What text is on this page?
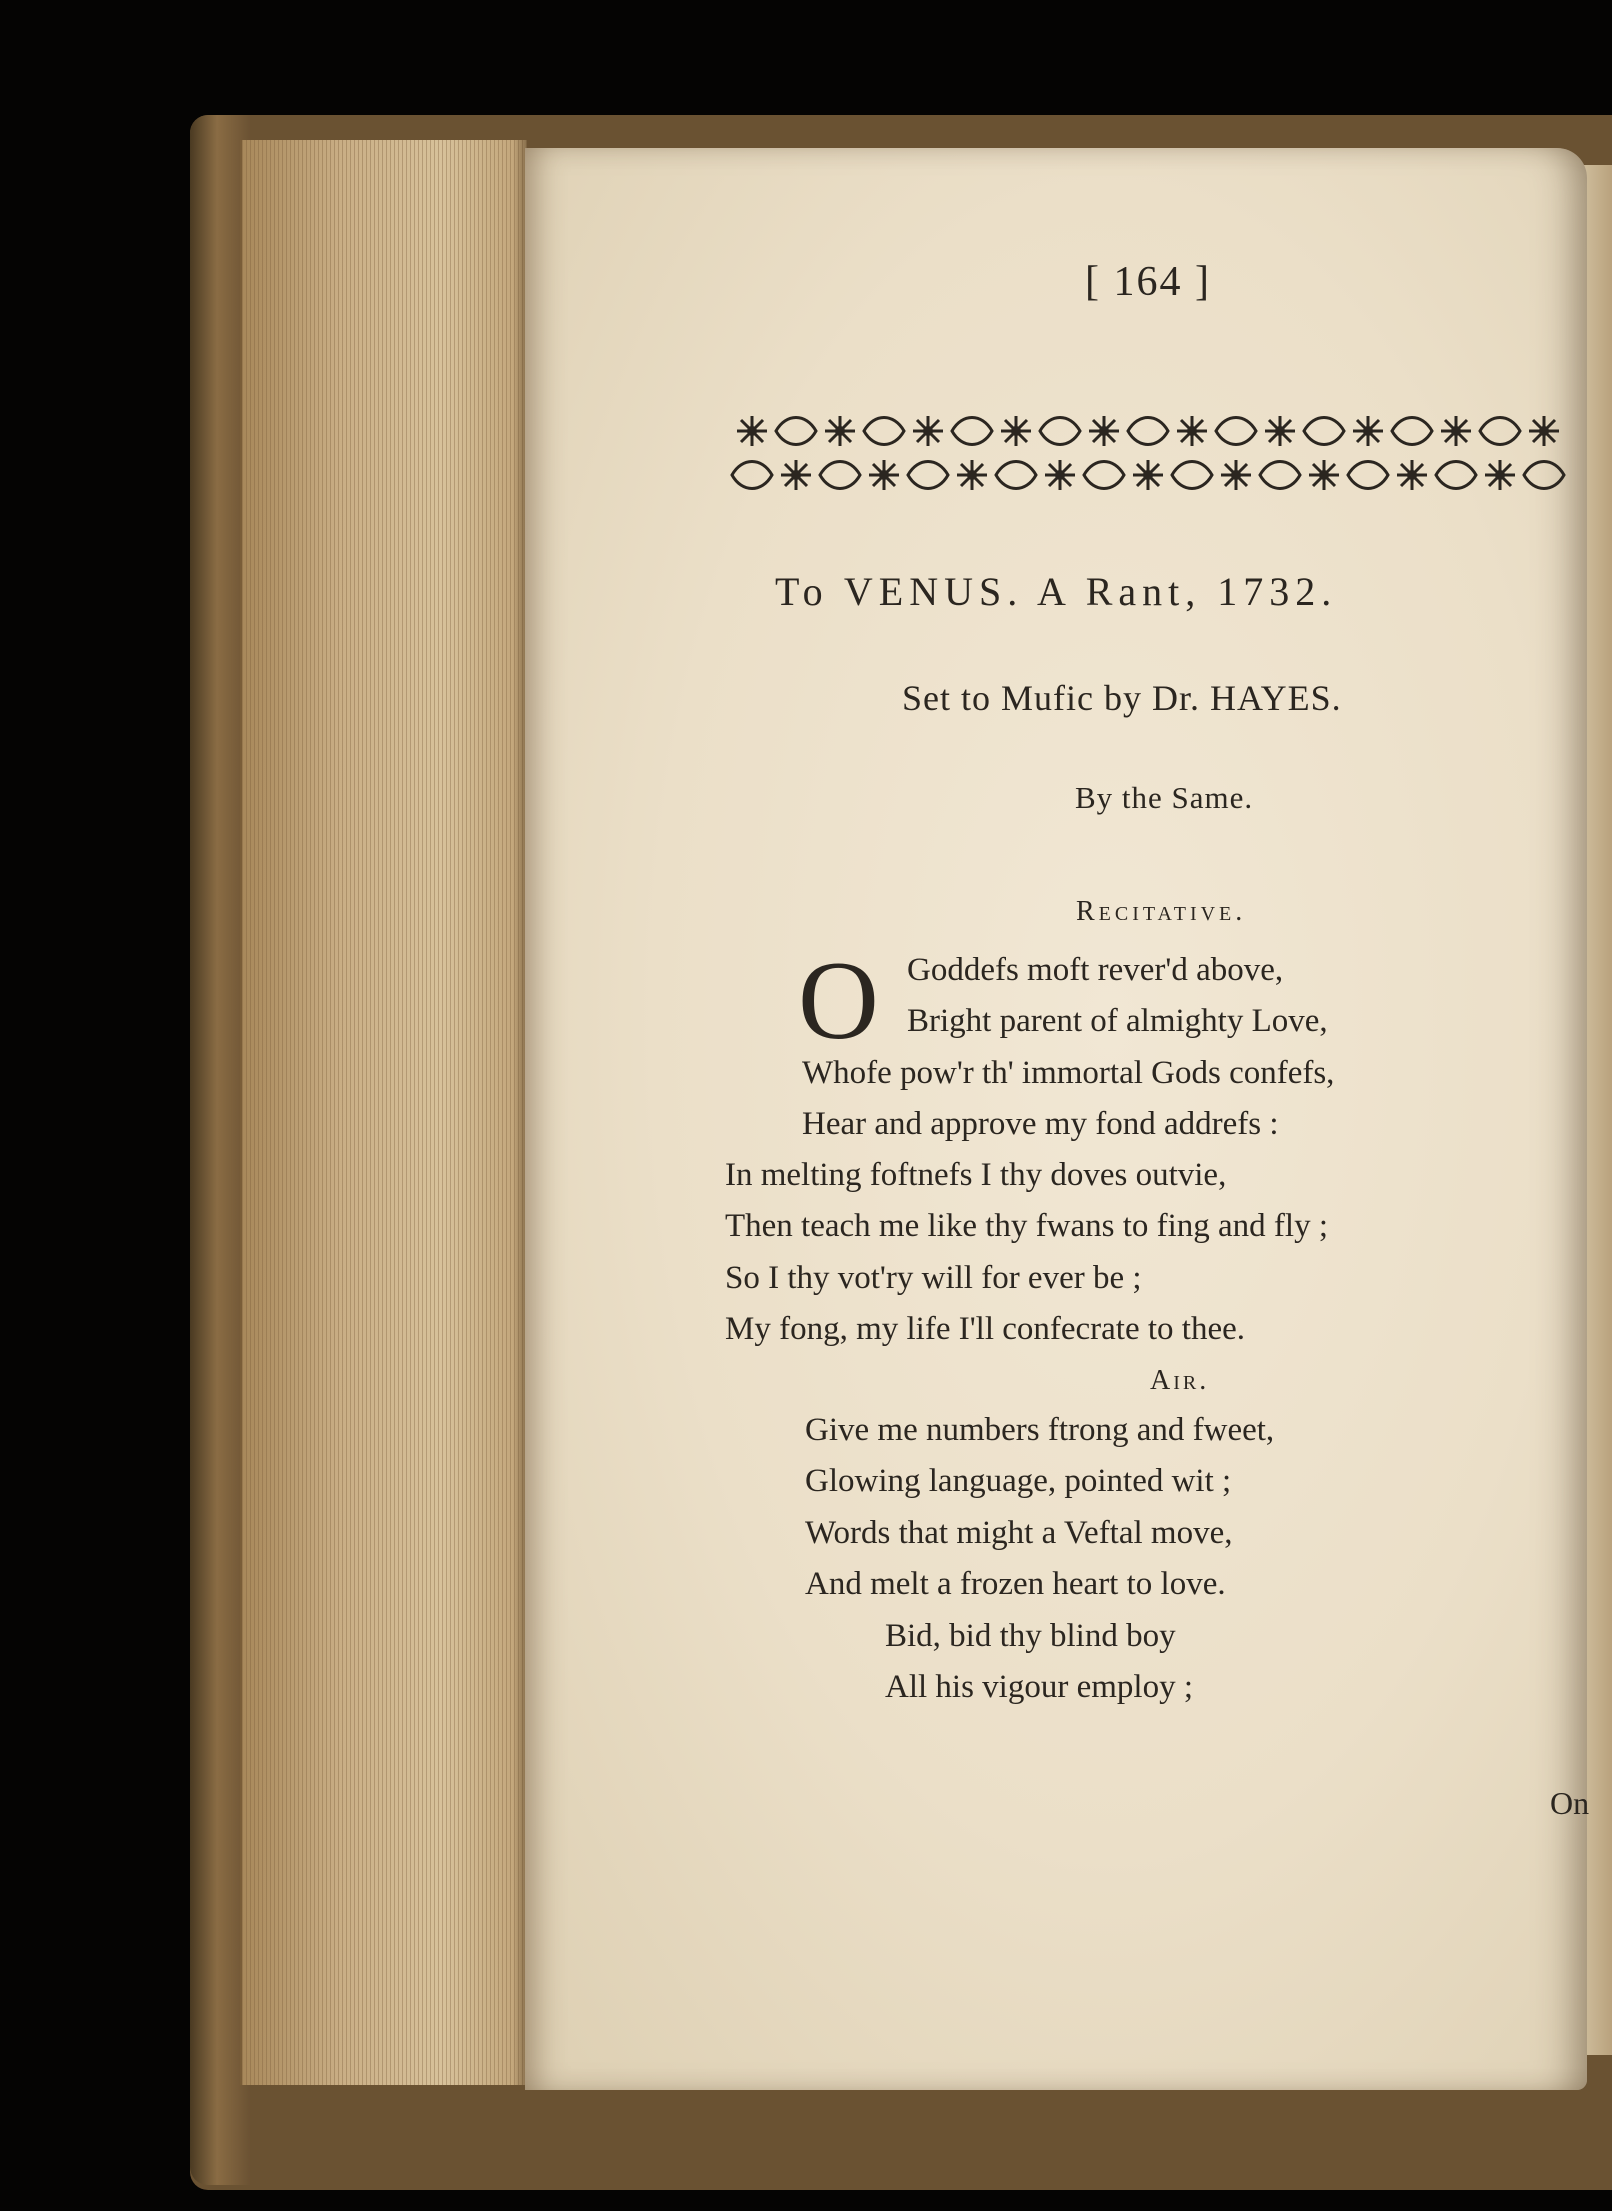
[ 164 ]
To VENUS. A Rant, 1732.
Set to Mufic by Dr. HAYES.
By the Same.
Recitative.
O Goddefs moft rever'd above,
Bright parent of almighty Love,
Whofe pow'r th' immortal Gods confefs,
Hear and approve my fond addrefs :
In melting foftnefs I thy doves outvie,
Then teach me like thy fwans to fing and fly ;
So I thy vot'ry will for ever be ;
My fong, my life I'll confecrate to thee.
Air.
Give me numbers ftrong and fweet,
Glowing language, pointed wit ;
Words that might a Veftal move,
And melt a frozen heart to love.
Bid, bid thy blind boy
All his vigour employ ;
On
